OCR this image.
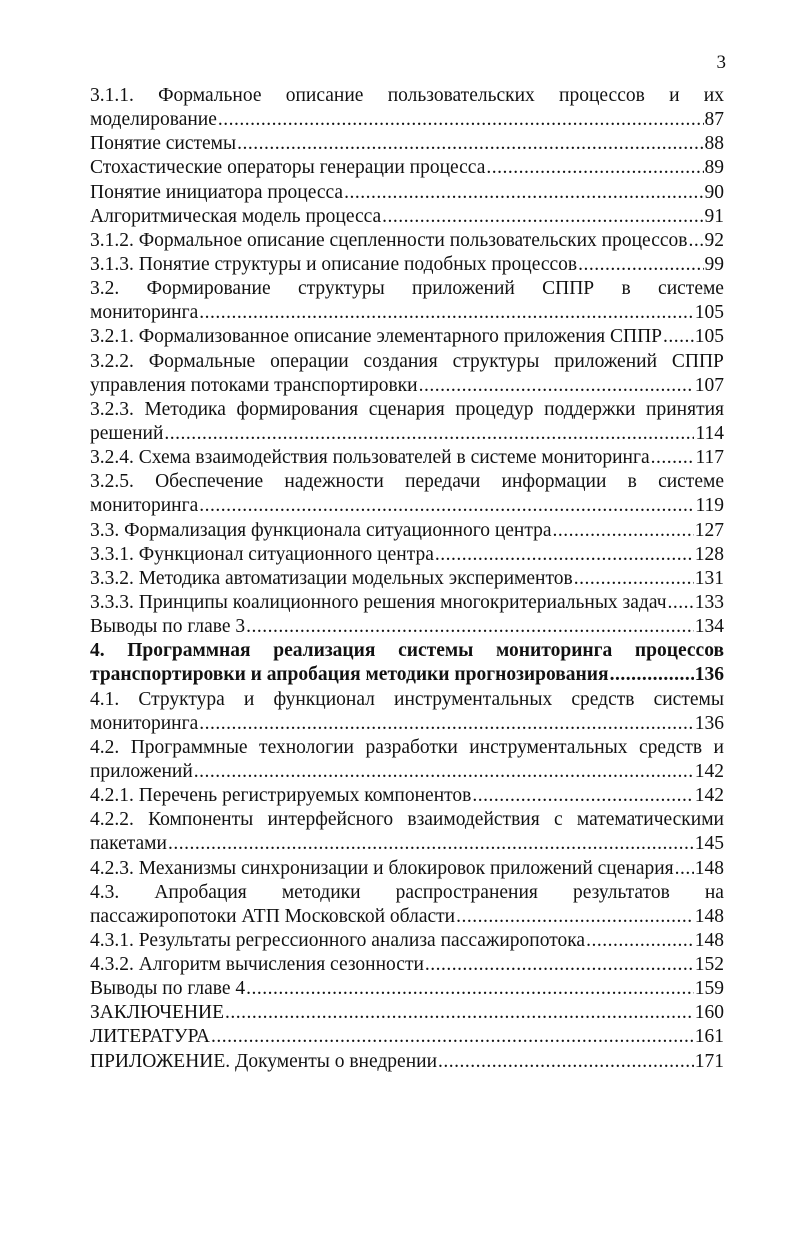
3
3.1.1. Формальное описание пользовательских процессов и их
моделирование .....	87
Понятие системы .....	88
Стохастические операторы генерации процесса .....	89
Понятие инициатора процесса .....	90
Алгоритмическая модель процесса .....	91
3.1.2. Формальное описание сцепленности пользовательских процессов ..... 92
3.1.3. Понятие структуры и описание подобных процессов .....	99
3.2. Формирование структуры приложений СППР в системе
мониторинга .....	105
3.2.1. Формализованное описание элементарного приложения СППР ..... 105
3.2.2. Формальные операции создания структуры приложений СППР
управления потоками транспортировки .....	107
3.2.3. Методика формирования сценария процедур поддержки принятия
решений .....	114
3.2.4. Схема взаимодействия пользователей в системе мониторинга ..... 117
3.2.5. Обеспечение надежности передачи информации в системе
мониторинга .....	119
3.3. Формализация функционала ситуационного центра .....	127
3.3.1. Функционал ситуационного центра .....	128
3.3.2. Методика автоматизации модельных экспериментов .....	131
3.3.3. Принципы коалиционного решения многокритериальных задач ..... 133
Выводы по главе 3 .....	134
4. Программная реализация системы мониторинга процессов
транспортировки и апробация методики прогнозирования .....	136
4.1. Структура и функционал инструментальных средств системы
мониторинга .....	136
4.2. Программные технологии разработки инструментальных средств и
приложений .....	142
4.2.1. Перечень регистрируемых компонентов .....	142
4.2.2. Компоненты интерфейсного взаимодействия с математическими
пакетами .....	145
4.2.3. Механизмы синхронизации и блокировок приложений сценария ..... 148
4.3. Апробация методики распространения результатов на
пассажиропотоки АТП Московской области .....	148
4.3.1. Результаты регрессионного анализа пассажиропотока .....	148
4.3.2. Алгоритм вычисления сезонности .....	152
Выводы по главе 4 .....	159
ЗАКЛЮЧЕНИЕ .....	160
ЛИТЕРАТУРА .....	161
ПРИЛОЖЕНИЕ. Документы о внедрении .....	171
